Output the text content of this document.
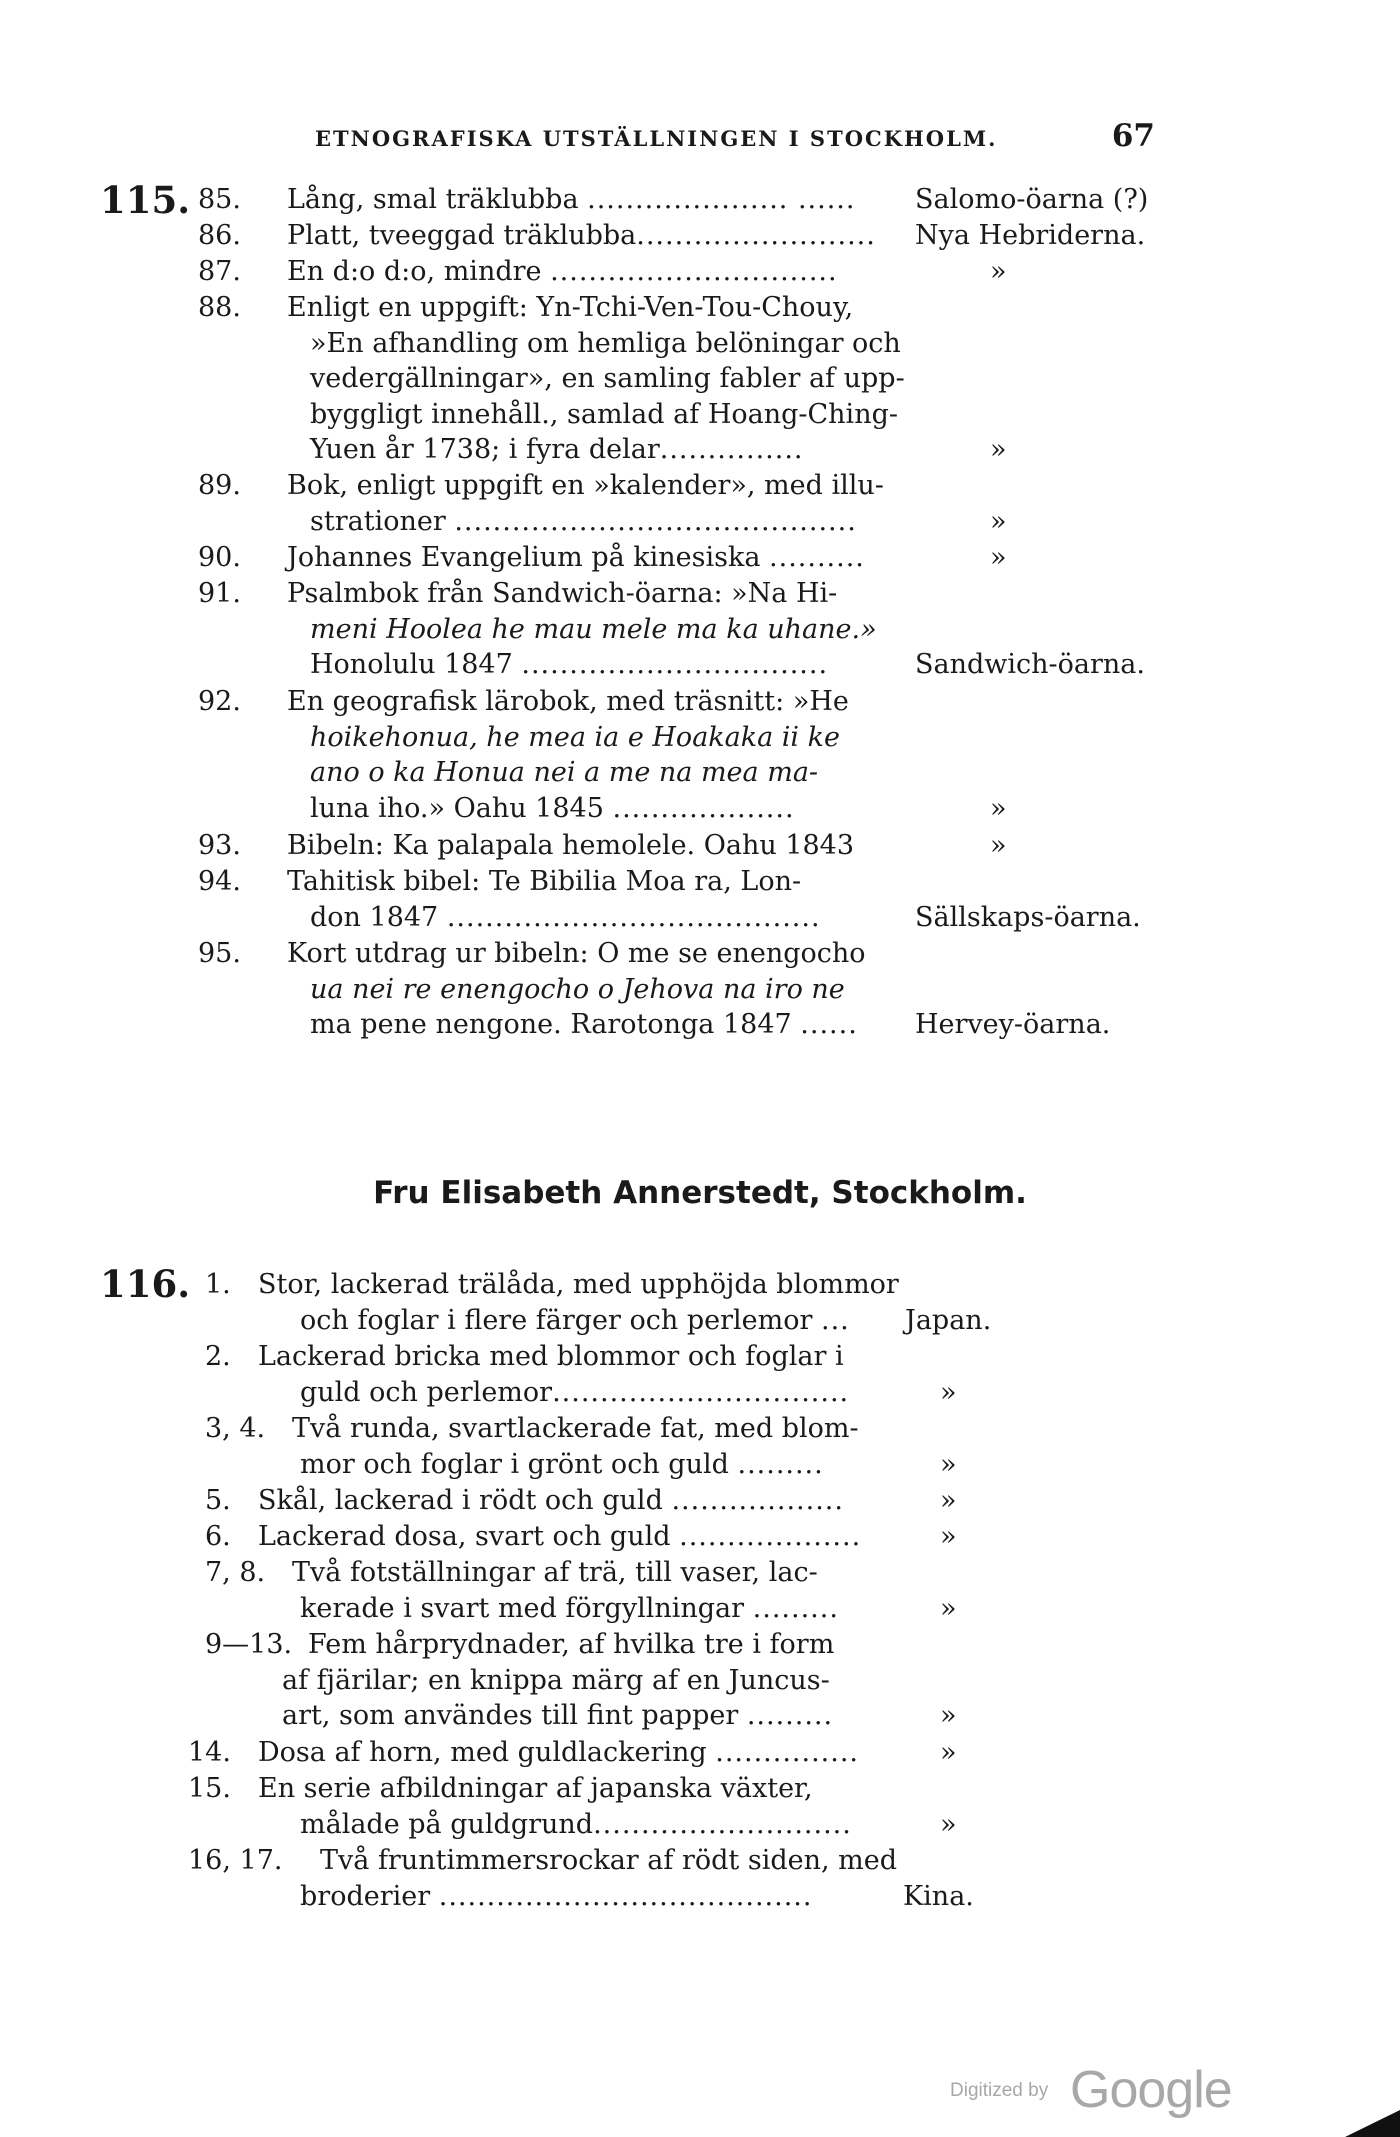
ETNOGRAFISKA UTSTÄLLNINGEN I STOCKHOLM.	67
115. 85. Lång, smal träklubba ..................... ...... Salomo-öarna (?)
86. Platt, tveeggad träklubba......................... Nya Hebriderna.
87. En d:o d:o, mindre ..............................	»
88. Enligt en uppgift: Yn-Tchi-Ven-Tou-Chouy,
»En afhandling om hemliga belöningar och
vedergällningar», en samling fabler af upp-
byggligt innehåll., samlad af Hoang-Ching-
Yuen år 1738; i fyra delar...............	»
89. Bok, enligt uppgift en »kalender», med illu-
strationer ..........................................	»
90. Johannes Evangelium på kinesiska ..........	»
91. Psalmbok från Sandwich-öarna: »Na Hi-
meni Hoolea he mau mele ma ka uhane.»
Honolulu 1847 ................................	Sandwich-öarna.
92. En geografisk lärobok, med träsnitt: »He
hoikehonua, he mea ia e Hoakaka ii ke
ano o ka Honua nei a me na mea ma-
luna iho.» Oahu 1845 ...................	»
93. Bibeln: Ka palapala hemolele. Oahu 1843	»
94. Tahitisk bibel: Te Bibilia Moa ra, Lon-
don 1847 .......................................	Sällskaps-öarna.
95. Kort utdrag ur bibeln: O me se enengocho
ua nei re enengocho o Jehova na iro ne
ma pene nengone. Rarotonga 1847 ...... Hervey-öarna.
Fru Elisabeth Annerstedt, Stockholm.
116. 1. Stor, lackerad trälåda, med upphöjda blommor
och foglar i flere färger och perlemor ... Japan.
2. Lackerad bricka med blommor och foglar i
guld och perlemor...............................	»
3, 4. Två runda, svartlackerade fat, med blom-
mor och foglar i grönt och guld .........	»
5. Skål, lackerad i rödt och guld ..................	»
6. Lackerad dosa, svart och guld ...................	»
7, 8. Två fotställningar af trä, till vaser, lac-
kerade i svart med förgyllningar .........	»
9—13. Fem hårprydnader, af hvilka tre i form
af fjärilar; en knippa märg af en Juncus-
art, som användes till fint papper .........	»
14. Dosa af horn, med guldlackering ...............	»
15. En serie afbildningar af japanska växter,
målade på guldgrund...........................	»
16, 17. Två fruntimmersrockar af rödt siden, med
broderier .......................................	Kina.
Digitized by Google
